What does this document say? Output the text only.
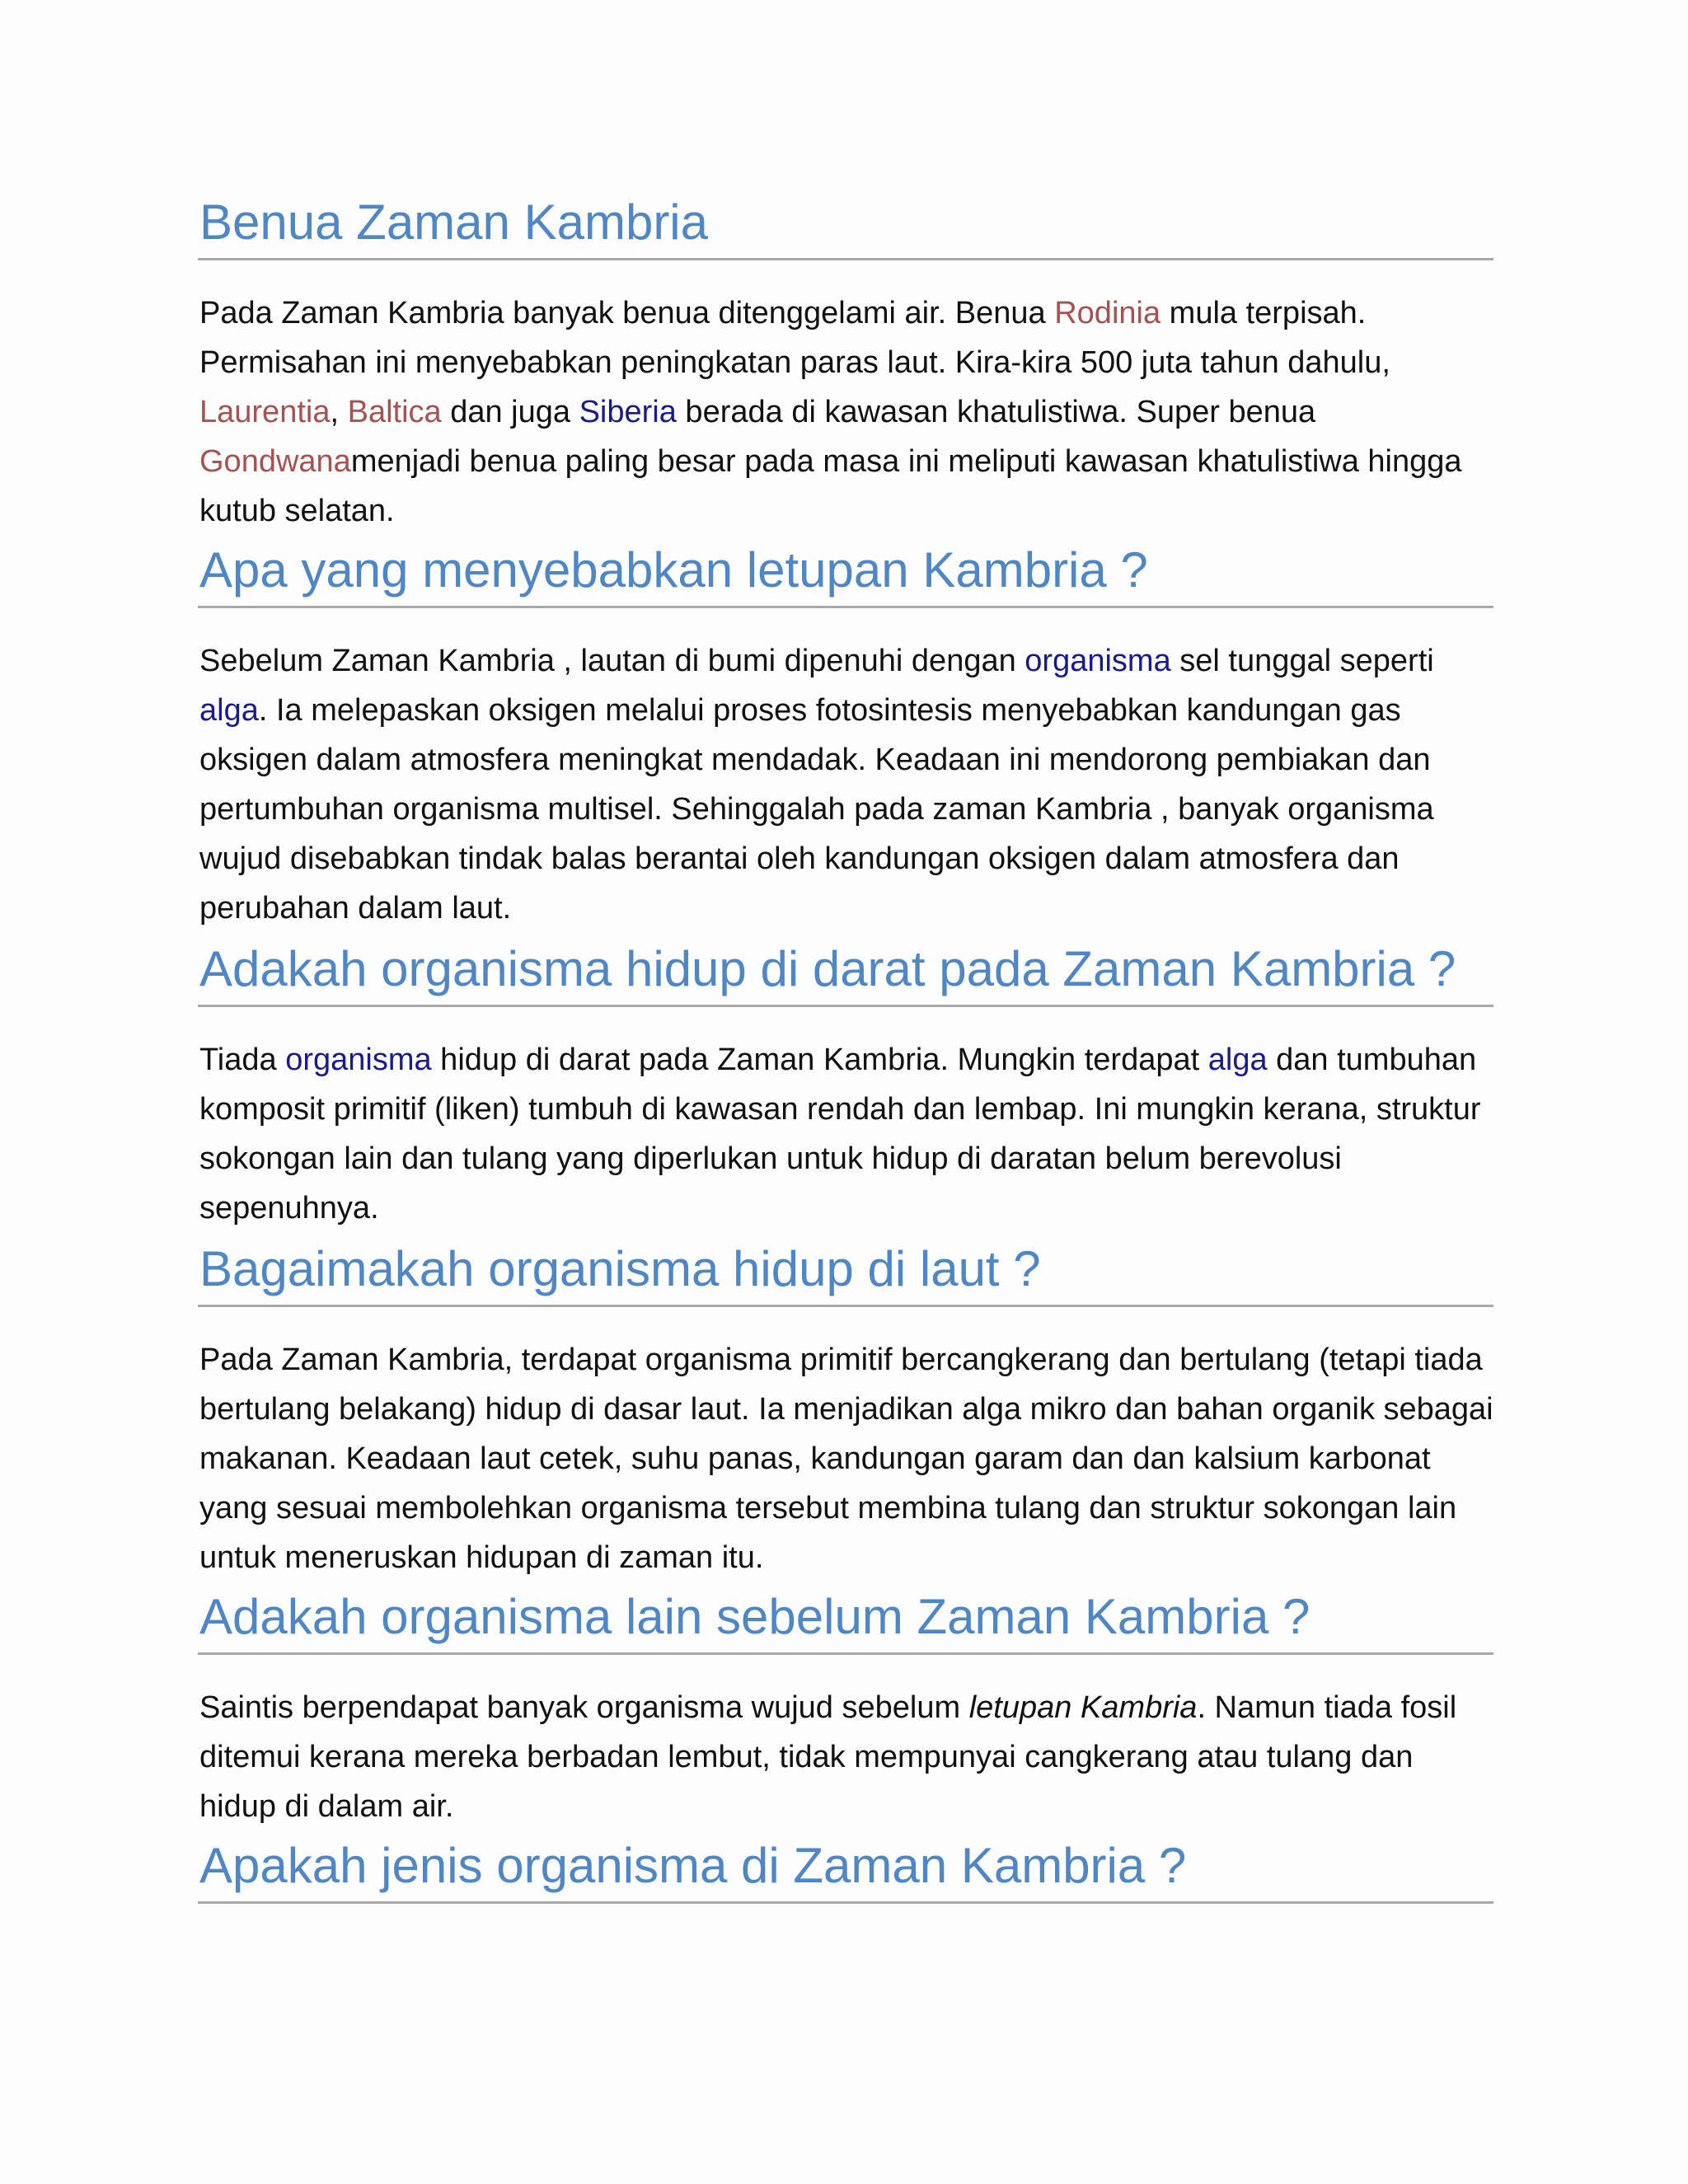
Benua Zaman Kambria

Pada Zaman Kambria banyak benua ditenggelami air. Benua Rodinia mula terpisah. Permisahan ini menyebabkan peningkatan paras laut. Kira-kira 500 juta tahun dahulu, Laurentia, Baltica dan juga Siberia berada di kawasan khatulistiwa. Super benua Gondwanamenjadi benua paling besar pada masa ini meliputi kawasan khatulistiwa hingga kutub selatan.

Apa yang menyebabkan letupan Kambria ?

Sebelum Zaman Kambria , lautan di bumi dipenuhi dengan organisma sel tunggal seperti alga. Ia melepaskan oksigen melalui proses fotosintesis menyebabkan kandungan gas oksigen dalam atmosfera meningkat mendadak. Keadaan ini mendorong pembiakan dan pertumbuhan organisma multisel. Sehinggalah pada zaman Kambria , banyak organisma wujud disebabkan tindak balas berantai oleh kandungan oksigen dalam atmosfera dan perubahan dalam laut.

Adakah organisma hidup di darat pada Zaman Kambria ?

Tiada organisma hidup di darat pada Zaman Kambria. Mungkin terdapat alga dan tumbuhan komposit primitif (liken) tumbuh di kawasan rendah dan lembap. Ini mungkin kerana, struktur sokongan lain dan tulang yang diperlukan untuk hidup di daratan belum berevolusi sepenuhnya.

Bagaimakah organisma hidup di laut ?

Pada Zaman Kambria, terdapat organisma primitif bercangkerang dan bertulang (tetapi tiada bertulang belakang) hidup di dasar laut. Ia menjadikan alga mikro dan bahan organik sebagai makanan. Keadaan laut cetek, suhu panas, kandungan garam dan dan kalsium karbonat yang sesuai membolehkan organisma tersebut membina tulang dan struktur sokongan lain untuk meneruskan hidupan di zaman itu.

Adakah organisma lain sebelum Zaman Kambria ?

Saintis berpendapat banyak organisma wujud sebelum letupan Kambria. Namun tiada fosil ditemui kerana mereka berbadan lembut, tidak mempunyai cangkerang atau tulang dan hidup di dalam air.

Apakah jenis organisma di Zaman Kambria ?
